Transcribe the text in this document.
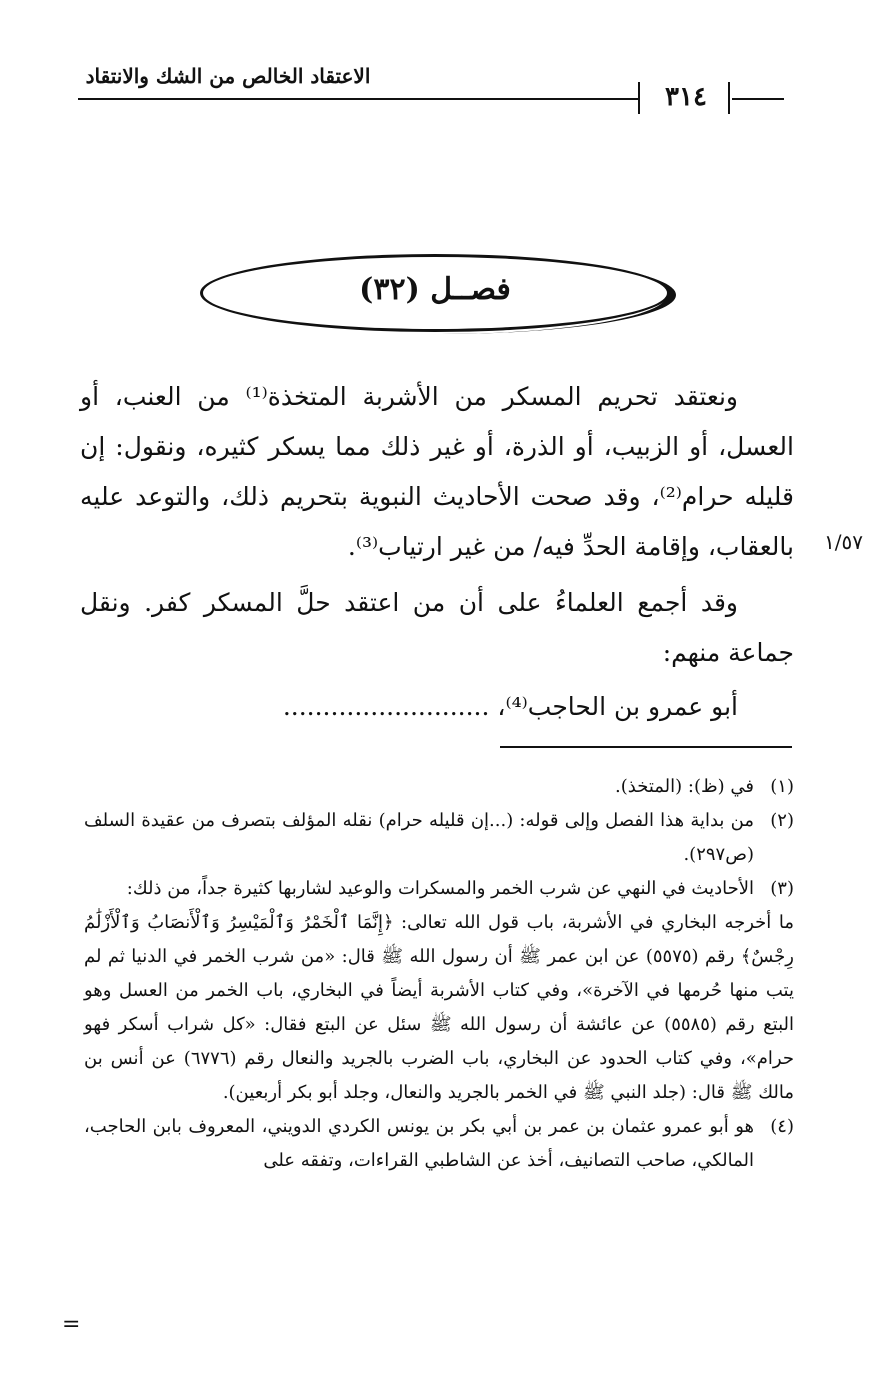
الاعتقاد الخالص من الشك والانتقاد
٣١٤
فصــل (٣٢)
ونعتقد تحريم المسكر من الأشربة المتخذة⁽¹⁾ من العنب، أو العسل، أو الزبيب، أو الذرة، أو غير ذلك مما يسكر كثيره، ونقول: إن قليله حرام⁽²⁾، وقد صحت الأحاديث النبوية بتحريم ذلك، والتوعد عليه بالعقاب، وإقامة الحدِّ فيه/ من غير ارتياب⁽³⁾. ١/٥٧
وقد أجمع العلماءُ على أن من اعتقد حلَّ المسكر كفر. ونقل جماعة منهم:
أبو عمرو بن الحاجب⁽⁴⁾، ..........................
(١)
في (ظ): (المتخذ).
(٢)
من بداية هذا الفصل وإلى قوله: (...إن قليله حرام) نقله المؤلف بتصرف من عقيدة السلف (ص٢٩٧).
(٣)
الأحاديث في النهي عن شرب الخمر والمسكرات والوعيد لشاربها كثيرة جداً، من ذلك:
ما أخرجه البخاري في الأشربة، باب قول الله تعالى: ﴿إِنَّمَا ٱلْخَمْرُ وَٱلْمَيْسِرُ وَٱلْأَنصَابُ وَٱلْأَزْلَٰمُ رِجْسٌ﴾ رقم (٥٥٧٥) عن ابن عمر ﷺ أن رسول الله ﷺ قال: «من شرب الخمر في الدنيا ثم لم يتب منها حُرمها في الآخرة»، وفي كتاب الأشربة أيضاً في البخاري، باب الخمر من العسل وهو البتع رقم (٥٥٨٥) عن عائشة أن رسول الله ﷺ سئل عن البتع فقال: «كل شراب أسكر فهو حرام»، وفي كتاب الحدود عن البخاري، باب الضرب بالجريد والنعال رقم (٦٧٧٦) عن أنس بن مالك ﷺ قال: (جلد النبي ﷺ في الخمر بالجريد والنعال، وجلد أبو بكر أربعين).
(٤)
هو أبو عمرو عثمان بن عمر بن أبي بكر بن يونس الكردي الدويني، المعروف بابن الحاجب، المالكي، صاحب التصانيف، أخذ عن الشاطبي القراءات، وتفقه على
=
